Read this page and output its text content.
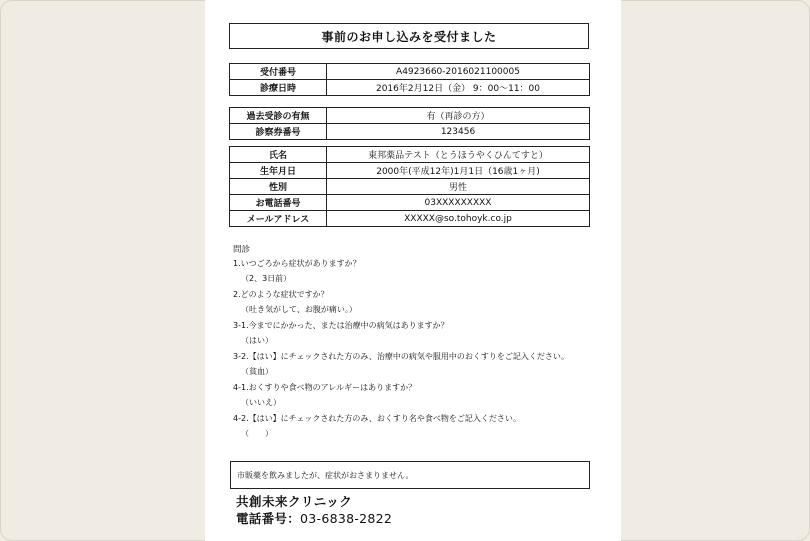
事前のお申し込みを受付ました
受付番号	A4923660-2016021100005
診療日時	2016年2月12日（金） 9：00～11：00
過去受診の有無	有（再診の方）
診察券番号	123456
氏名	東邦薬品テスト（とうほうやくひんてすと）
生年月日	2000年(平成12年)1月1日（16歳1ヶ月)
性別	男性
お電話番号	03XXXXXXXXX
メールアドレス	XXXXX@so.tohoyk.co.jp

問診

1.いつごろから症状がありますか？

（2、3日前）

2.どのような症状ですか？

（吐き気がして、お腹が痛い。）

3-1.今までにかかった、または治療中の病気はありますか？

（はい）

3-2.【はい】にチェックされた方のみ、治療中の病気や服用中のおくすりをご記入ください。

（貧血）

4-1.おくすりや食べ物のアレルギーはありますか？

（いいえ）

4-2.【はい】にチェックされた方のみ、おくすり名や食べ物をご記入ください。

（　　）

市販薬を飲みましたが、症状がおさまりません。
共創未来クリニック
電話番号：03-6838-2822
